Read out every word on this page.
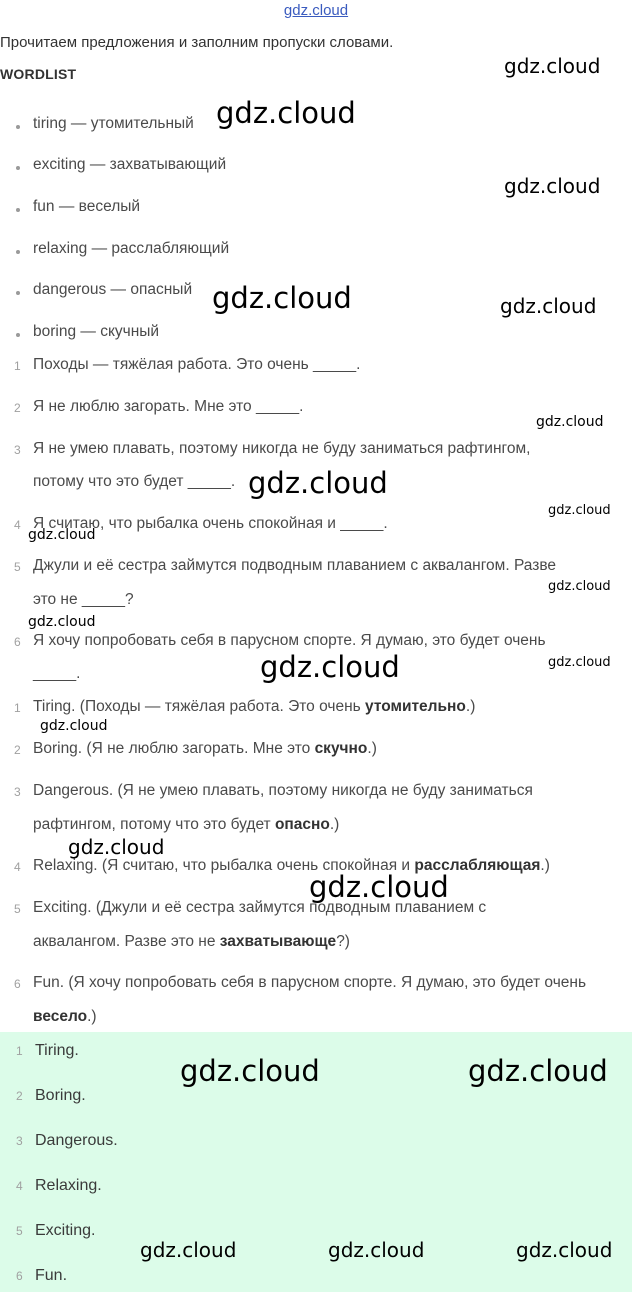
gdz.cloud
Прочитаем предложения и заполним пропуски словами.
WORDLIST
tiring — утомительный
exciting — захватывающий
fun — веселый
relaxing — расслабляющий
dangerous — опасный
boring — скучный
1 Походы — тяжёлая работа. Это очень _____.
2 Я не люблю загорать. Мне это _____.
3 Я не умею плавать, поэтому никогда не буду заниматься рафтингом,
потому что это будет _____.
4 Я считаю, что рыбалка очень спокойная и _____.
5 Джули и её сестра займутся подводным плаванием с аквалангом. Разве
это не _____?
6 Я хочу попробовать себя в парусном спорте. Я думаю, это будет очень
_____.
1 Tiring. (Походы — тяжёлая работа. Это очень утомительно.)
2 Boring. (Я не люблю загорать. Мне это скучно.)
3 Dangerous. (Я не умею плавать, поэтому никогда не буду заниматься
рафтингом, потому что это будет опасно.)
4 Relaxing. (Я считаю, что рыбалка очень спокойная и расслабляющая.)
5 Exciting. (Джули и её сестра займутся подводным плаванием с
аквалангом. Разве это не захватывающе?)
6 Fun. (Я хочу попробовать себя в парусном спорте. Я думаю, это будет очень
весело.)
1 Tiring.
2 Boring.
3 Dangerous.
4 Relaxing.
5 Exciting.
6 Fun.
gdz.cloud
gdz.cloud
gdz.cloud
gdz.cloud	gdz.cloud
gdz.cloud
gdz.cloud
gdz.cloud
gdz.cloud
gdz.cloud
gdz.cloud
gdz.cloud	gdz.cloud
gdz.cloud
gdz.cloud
gdz.cloud
gdz.cloud	gdz.cloud
gdz.cloud	gdz.cloud	gdz.cloud
